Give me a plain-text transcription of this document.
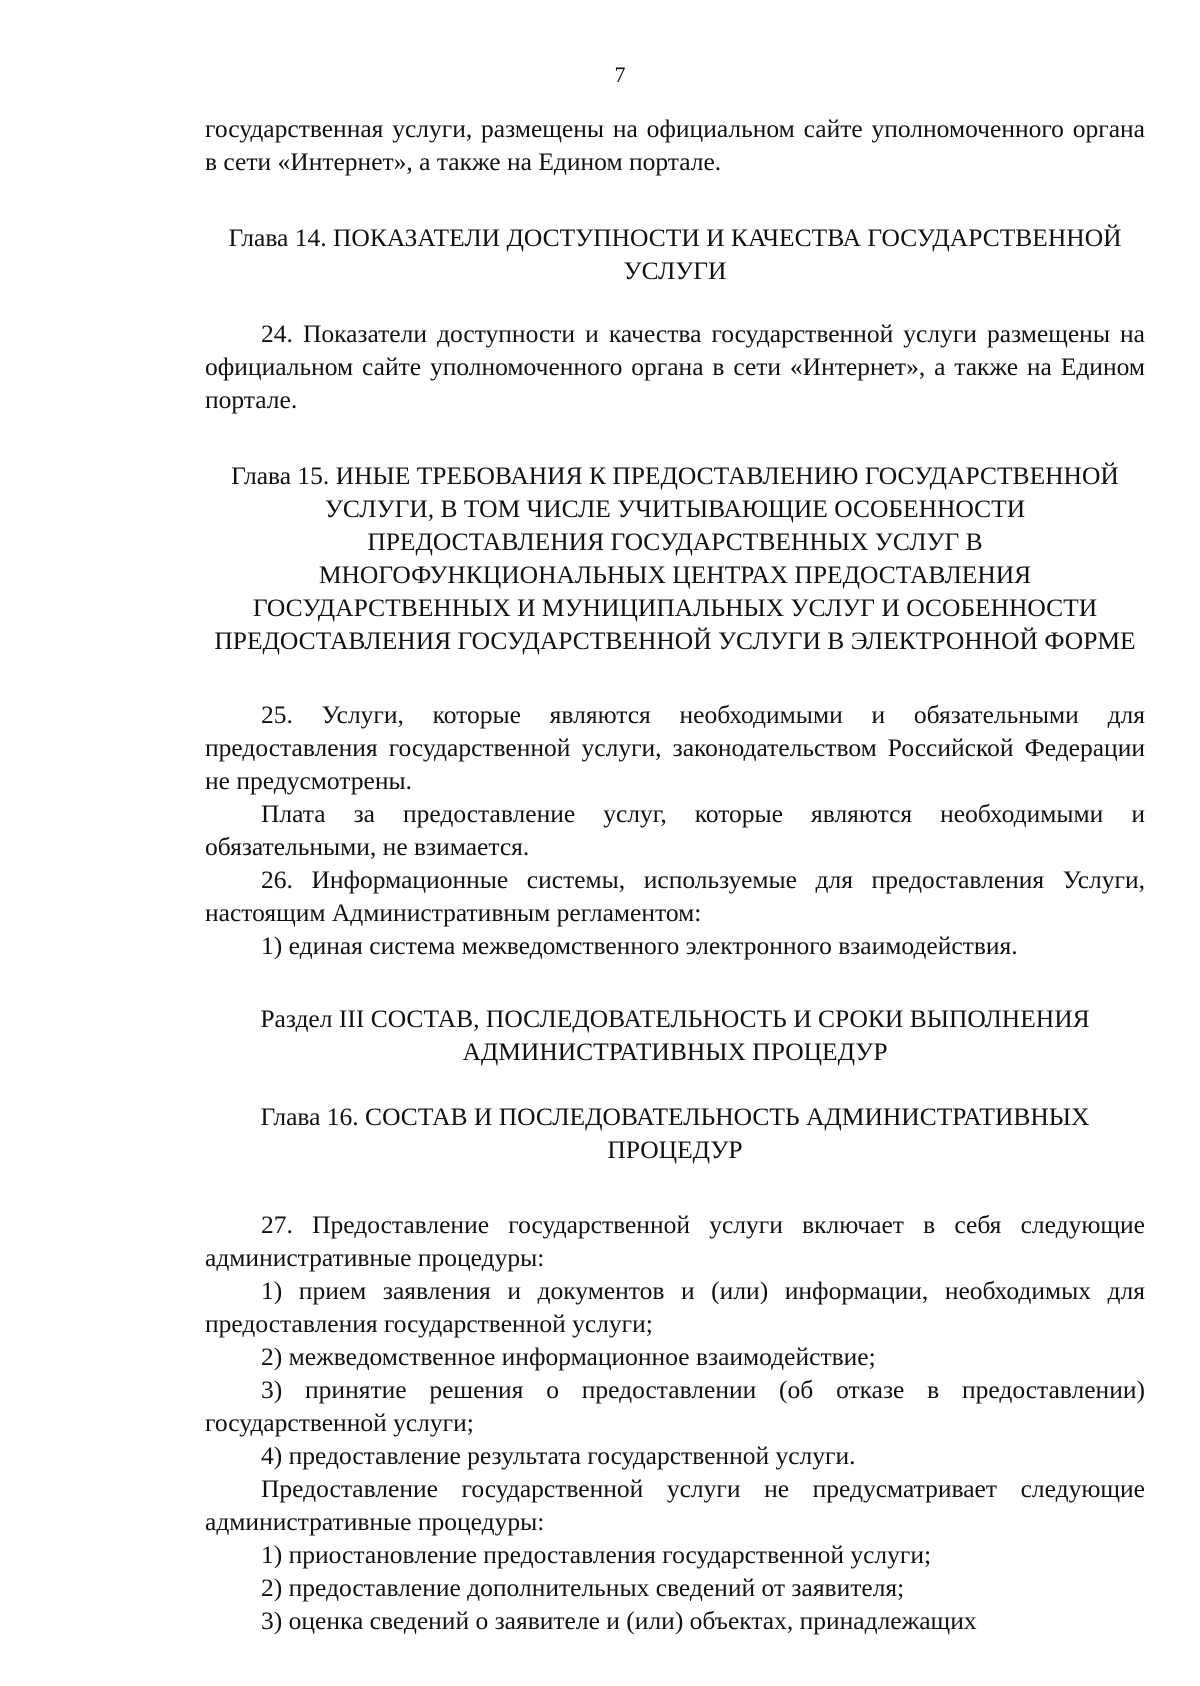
7

государственная услуги, размещены на официальном сайте уполномоченного органа в сети «Интернет», а также на Едином портале.

Глава 14. ПОКАЗАТЕЛИ ДОСТУПНОСТИ И КАЧЕСТВА ГОСУДАРСТВЕННОЙ УСЛУГИ

24. Показатели доступности и качества государственной услуги размещены на официальном сайте уполномоченного органа в сети «Интернет», а также на Едином портале.

Глава 15. ИНЫЕ ТРЕБОВАНИЯ К ПРЕДОСТАВЛЕНИЮ ГОСУДАРСТВЕННОЙ УСЛУГИ, В ТОМ ЧИСЛЕ УЧИТЫВАЮЩИЕ ОСОБЕННОСТИ ПРЕДОСТАВЛЕНИЯ ГОСУДАРСТВЕННЫХ УСЛУГ В МНОГОФУНКЦИОНАЛЬНЫХ ЦЕНТРАХ ПРЕДОСТАВЛЕНИЯ ГОСУДАРСТВЕННЫХ И МУНИЦИПАЛЬНЫХ УСЛУГ И ОСОБЕННОСТИ ПРЕДОСТАВЛЕНИЯ ГОСУДАРСТВЕННОЙ УСЛУГИ В ЭЛЕКТРОННОЙ ФОРМЕ

25. Услуги, которые являются необходимыми и обязательными для предоставления государственной услуги, законодательством Российской Федерации не предусмотрены.

Плата за предоставление услуг, которые являются необходимыми и обязательными, не взимается.

26. Информационные системы, используемые для предоставления Услуги, настоящим Административным регламентом:

1) единая система межведомственного электронного взаимодействия.

Раздел III СОСТАВ, ПОСЛЕДОВАТЕЛЬНОСТЬ И СРОКИ ВЫПОЛНЕНИЯ АДМИНИСТРАТИВНЫХ ПРОЦЕДУР
Глава 16. СОСТАВ И ПОСЛЕДОВАТЕЛЬНОСТЬ АДМИНИСТРАТИВНЫХ ПРОЦЕДУР

27. Предоставление государственной услуги включает в себя следующие административные процедуры:

1) прием заявления и документов и (или) информации, необходимых для предоставления государственной услуги;

2) межведомственное информационное взаимодействие;

3) принятие решения о предоставлении (об отказе в предоставлении) государственной услуги;

4) предоставление результата государственной услуги.

Предоставление государственной услуги не предусматривает следующие административные процедуры:

1) приостановление предоставления государственной услуги;

2) предоставление дополнительных сведений от заявителя;

3) оценка сведений о заявителе и (или) объектах, принадлежащих
